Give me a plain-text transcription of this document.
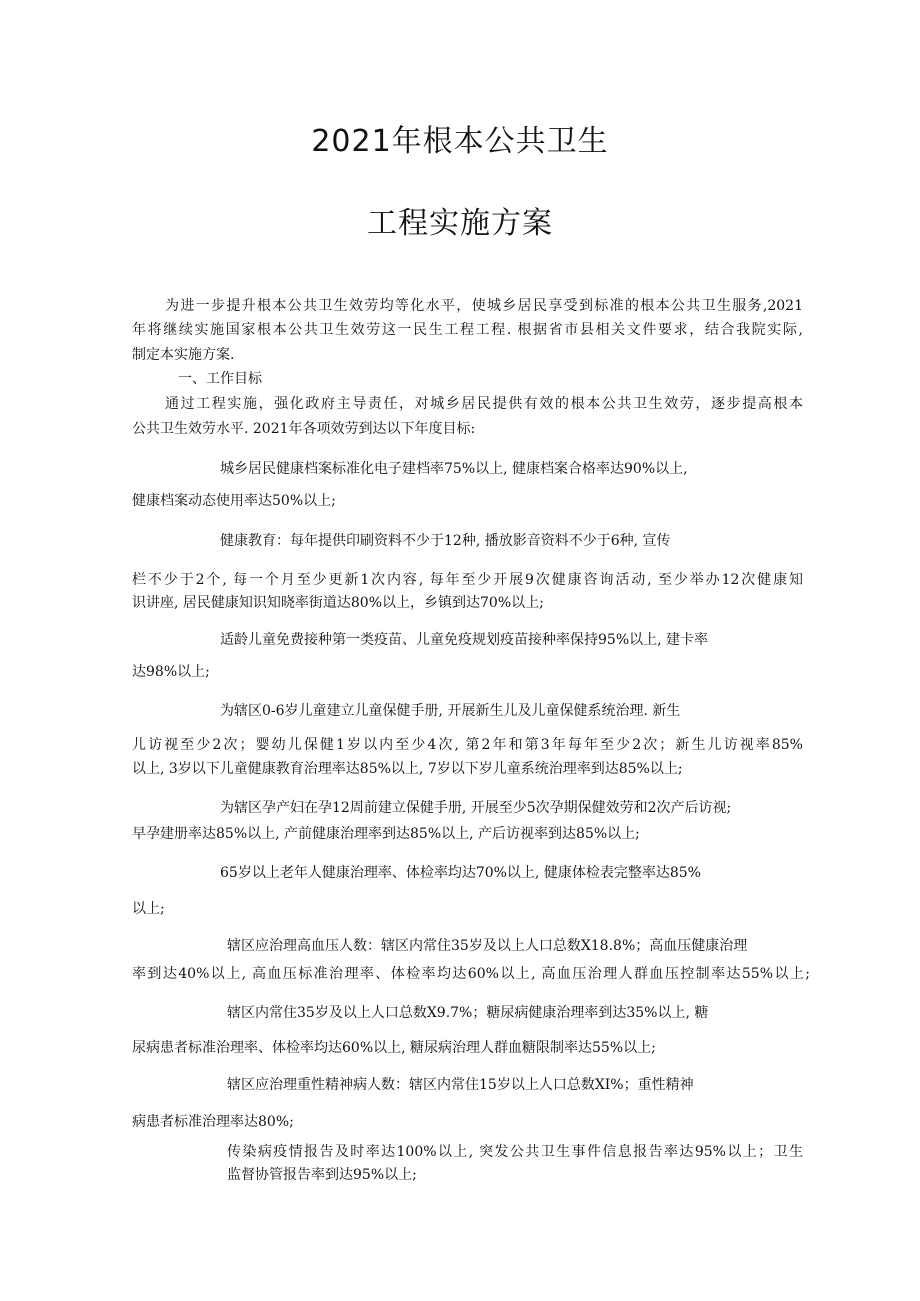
2021年根本公共卫生
工程实施方案
为进一步提升根本公共卫生效劳均等化水平，使城乡居民享受到标准的根本公共卫生服务,2021
年将继续实施国家根本公共卫生效劳这一民生工程工程. 根据省市县相关文件要求，结合我院实际,
制定本实施方案.
一、工作目标
通过工程实施，强化政府主导责任，对城乡居民提供有效的根本公共卫生效劳，逐步提高根本
公共卫生效劳水平. 2021年各项效劳到达以下年度目标:
城乡居民健康档案标准化电子建档率75%以上, 健康档案合格率达90%以上,
健康档案动态使用率达50%以上;
健康教育：每年提供印刷资料不少于12种, 播放影音资料不少于6种, 宣传
栏不少于2个, 每一个月至少更新1次内容, 每年至少开展9次健康咨询活动, 至少举办12次健康知
识讲座, 居民健康知识知晓率街道达80%以上，乡镇到达70%以上;
适龄儿童免费接种第一类疫苗、儿童免疫规划疫苗接种率保持95%以上, 建卡率
达98%以上;
为辖区0-6岁儿童建立儿童保健手册, 开展新生儿及儿童保健系统治理. 新生
儿访视至少2次；婴幼儿保健1岁以内至少4次, 第2年和第3年每年至少2次；新生儿访视率85%
以上, 3岁以下儿童健康教育治理率达85%以上, 7岁以下岁儿童系统治理率到达85%以上;
为辖区孕产妇在孕12周前建立保健手册, 开展至少5次孕期保健效劳和2次产后访视;
早孕建册率达85%以上, 产前健康治理率到达85%以上, 产后访视率到达85%以上;
65岁以上老年人健康治理率、体检率均达70%以上, 健康体检表完整率达85%
以上;
辖区应治理高血压人数：辖区内常住35岁及以上人口总数X18.8%；高血压健康治理
率到达40%以上, 高血压标准治理率、体检率均达60%以上, 高血压治理人群血压控制率达55%以上;
辖区内常住35岁及以上人口总数X9.7%；糖尿病健康治理率到达35%以上, 糖
尿病患者标准治理率、体检率均达60%以上, 糖尿病治理人群血糖限制率达55%以上;
辖区应治理重性精神病人数：辖区内常住15岁以上人口总数XI%；重性精神
病患者标准治理率达80%;
传染病疫情报告及时率达100%以上, 突发公共卫生事件信息报告率达95%以上；卫生
监督协管报告率到达95%以上;
